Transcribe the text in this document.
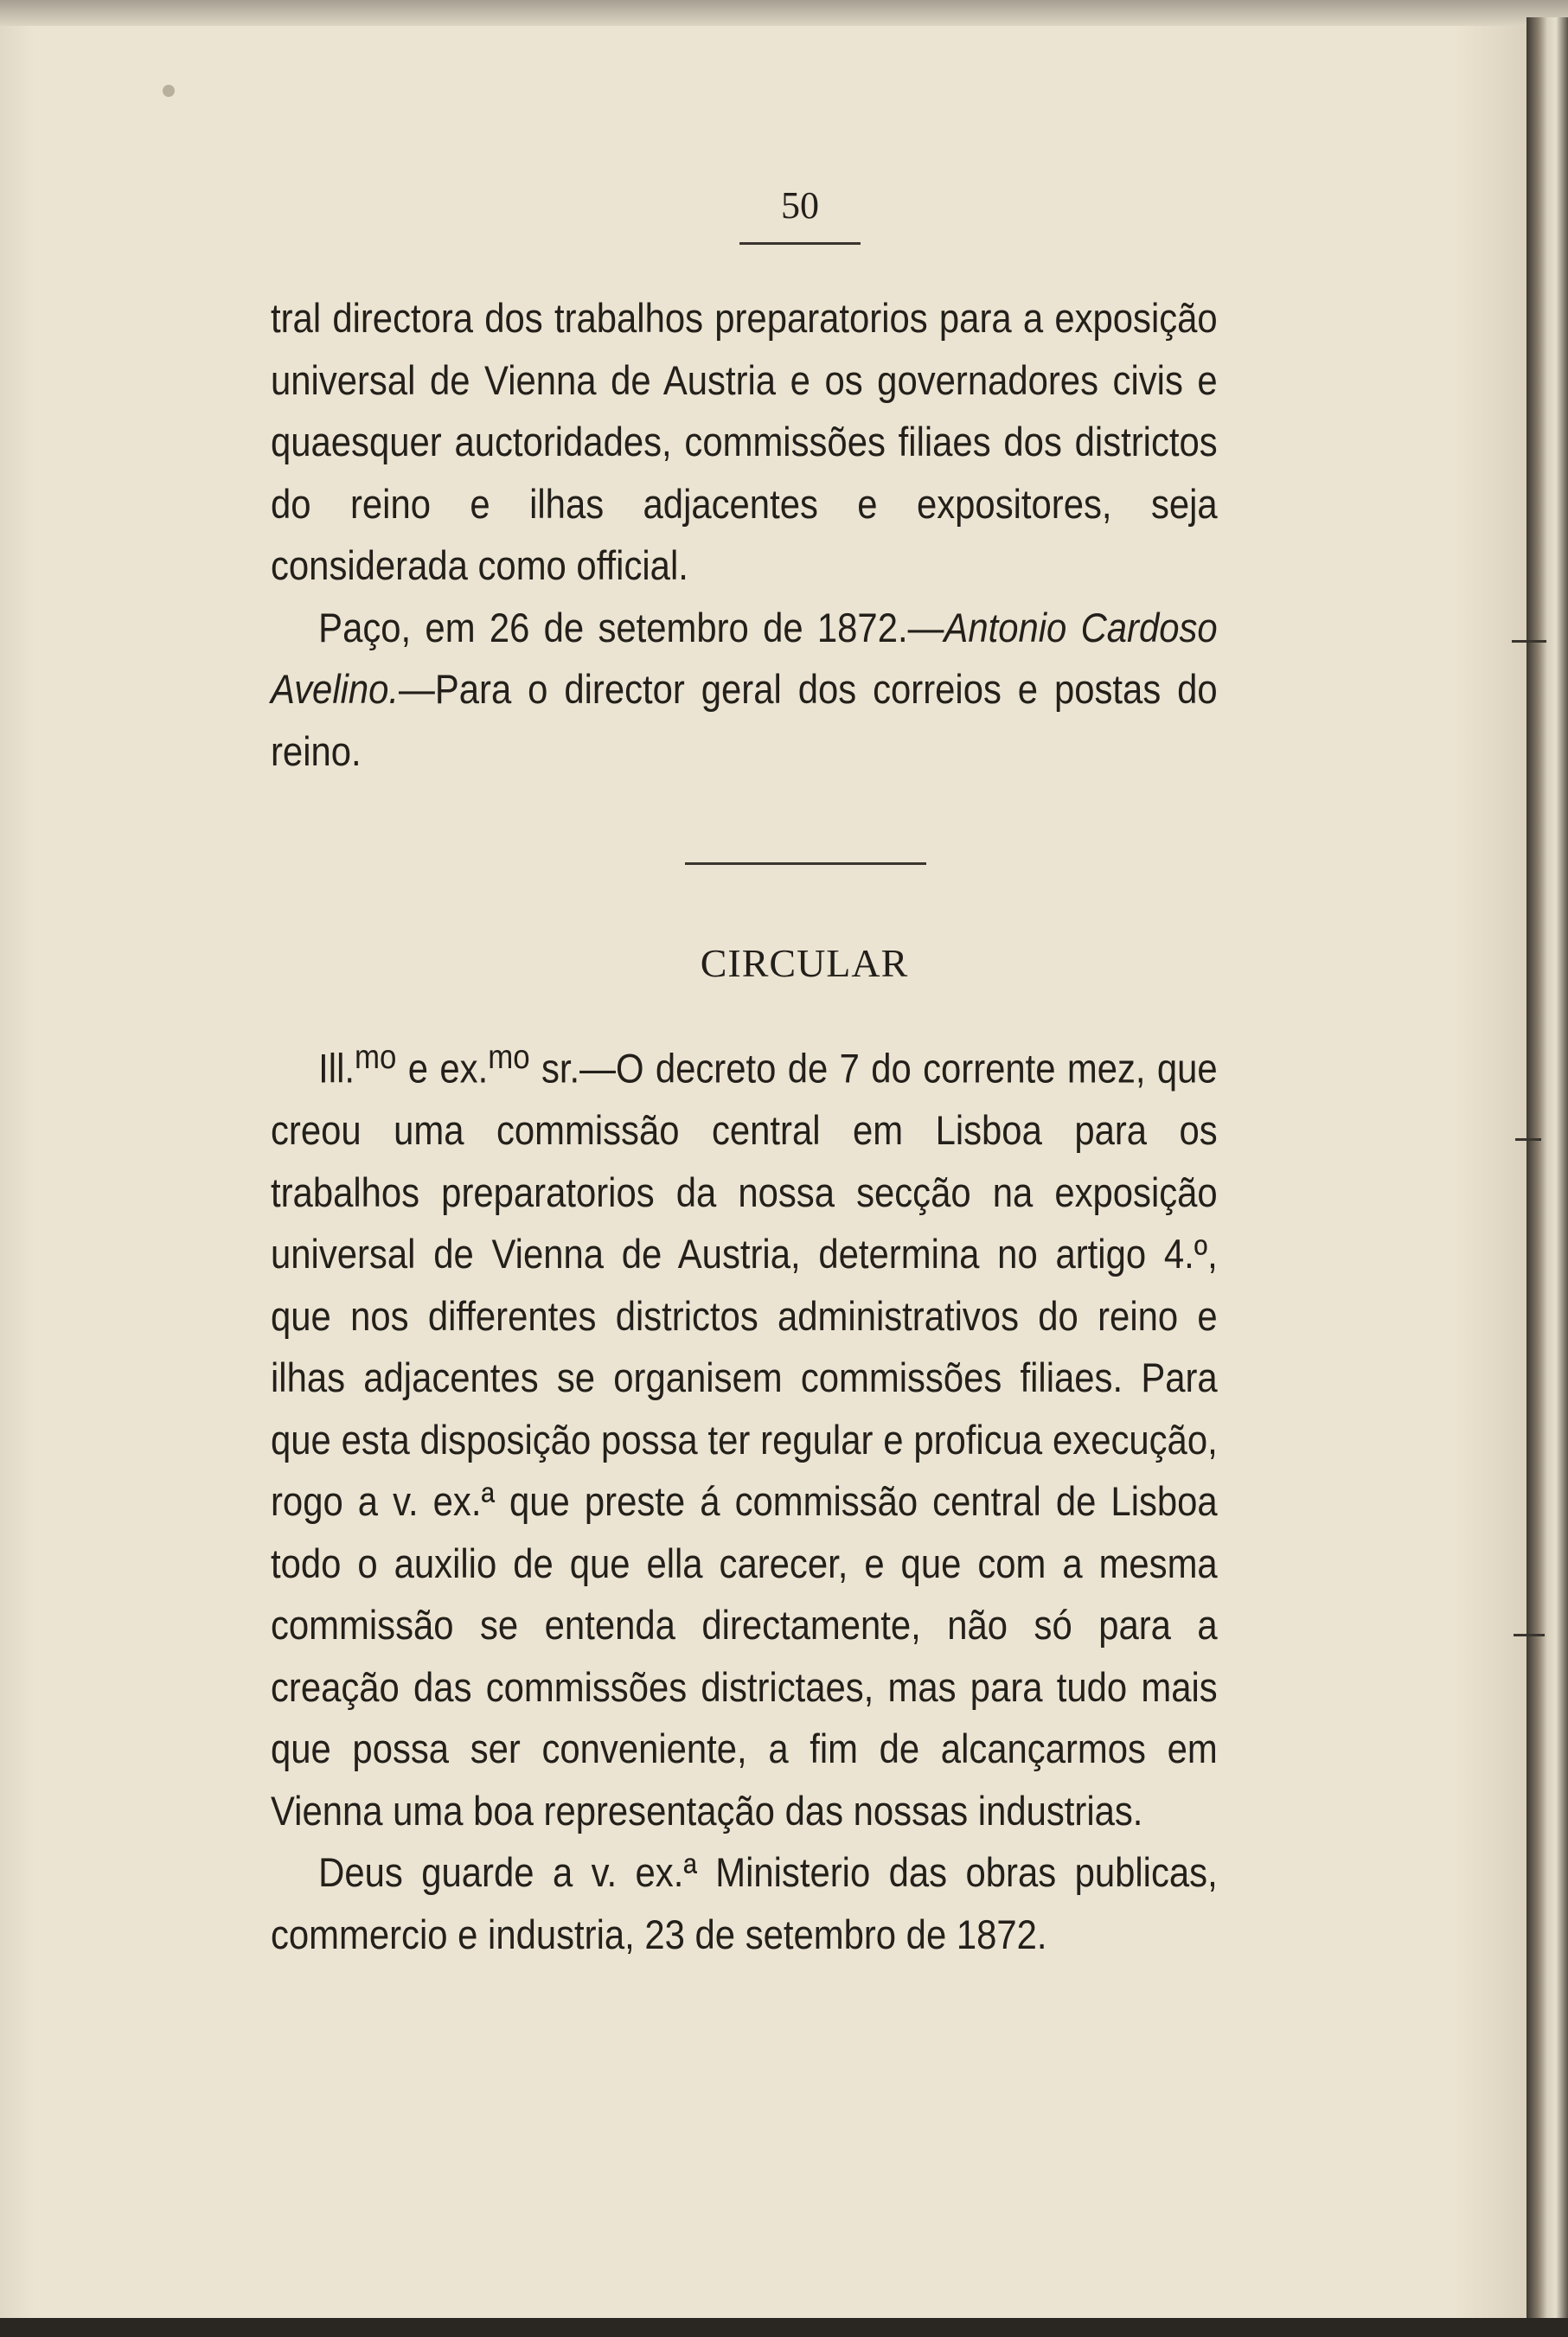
50

tral directora dos trabalhos preparatorios para a exposição universal de Vienna de Austria e os governadores civis e quaesquer auctoridades, commissões filiaes dos districtos do reino e ilhas adjacentes e expositores, seja considerada como official.

Paço, em 26 de setembro de 1872.—Antonio Cardoso Avelino.—Para o director geral dos correios e postas do reino.

CIRCULAR

Ill.$^{mo}$ e ex.$^{mo}$ sr.—O decreto de 7 do corrente mez, que creou uma commissão central em Lisboa para os trabalhos preparatorios da nossa secção na exposição universal de Vienna de Austria, determina no artigo 4.º, que nos differentes districtos administrativos do reino e ilhas adjacentes se organisem commissões filiaes. Para que esta disposição possa ter regular e proficua execução, rogo a v. ex.ª que preste á commissão central de Lisboa todo o auxilio de que ella carecer, e que com a mesma commissão se entenda directamente, não só para a creação das commissões districtaes, mas para tudo mais que possa ser conveniente, a fim de alcançarmos em Vienna uma boa representação das nossas industrias.

Deus guarde a v. ex.ª Ministerio das obras publicas, commercio e industria, 23 de setembro de 1872.
